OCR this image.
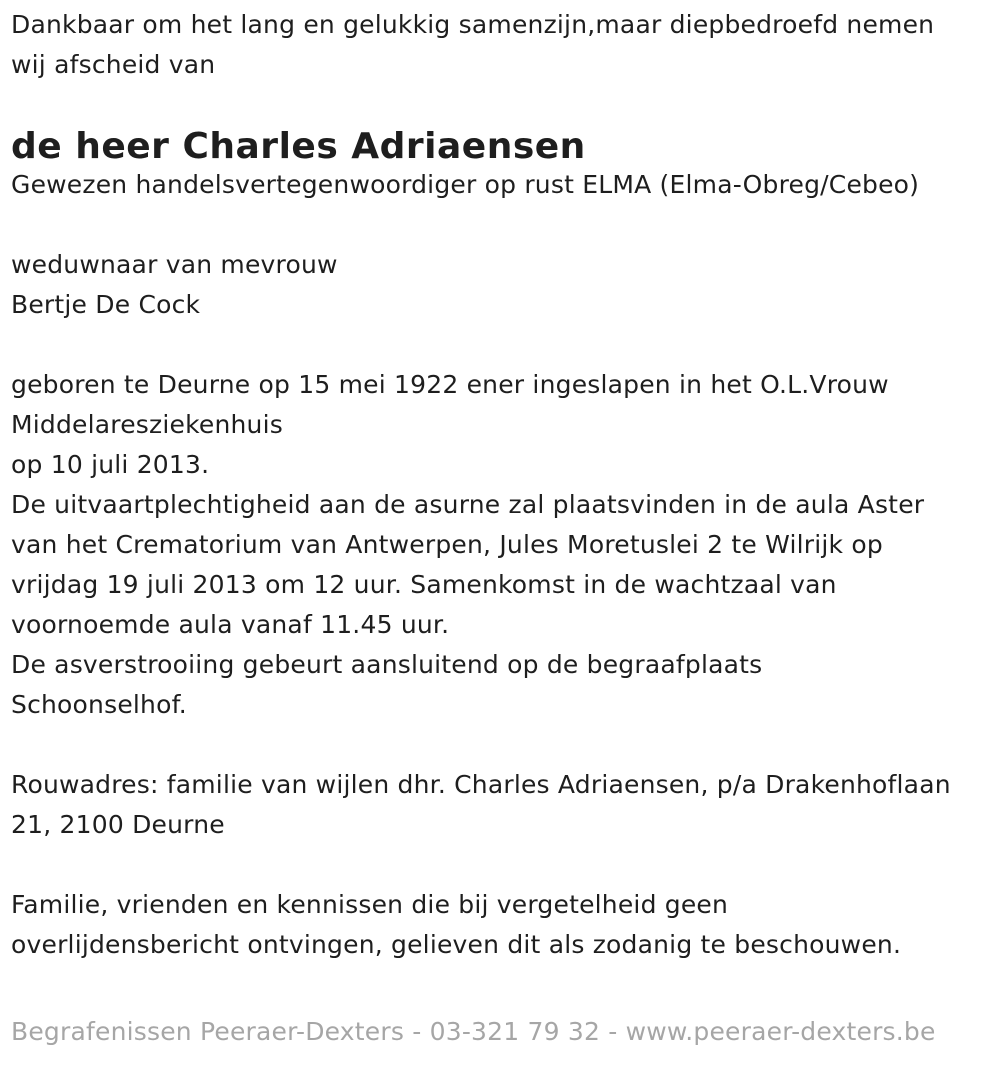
Dankbaar om het lang en gelukkig samenzijn,maar diepbedroefd nemen
wij afscheid van
de heer Charles Adriaensen
Gewezen handelsvertegenwoordiger op rust ELMA (Elma-Obreg/Cebeo)
weduwnaar van mevrouw
Bertje De Cock
geboren te Deurne op 15 mei 1922 ener ingeslapen in het O.L.Vrouw
Middelaresziekenhuis
op 10 juli 2013.
De uitvaartplechtigheid aan de asurne zal plaatsvinden in de aula Aster
van het Crematorium van Antwerpen, Jules Moretuslei 2 te Wilrijk op
vrijdag 19 juli 2013 om 12 uur. Samenkomst in de wachtzaal van
voornoemde aula vanaf 11.45 uur.
De asverstrooiing gebeurt aansluitend op de begraafplaats
Schoonselhof.
Rouwadres: familie van wijlen dhr. Charles Adriaensen, p/a Drakenhoflaan
21, 2100 Deurne
Familie, vrienden en kennissen die bij vergetelheid geen
overlijdensbericht ontvingen, gelieven dit als zodanig te beschouwen.
Begrafenissen Peeraer-Dexters - 03-321 79 32 - www.peeraer-dexters.be
